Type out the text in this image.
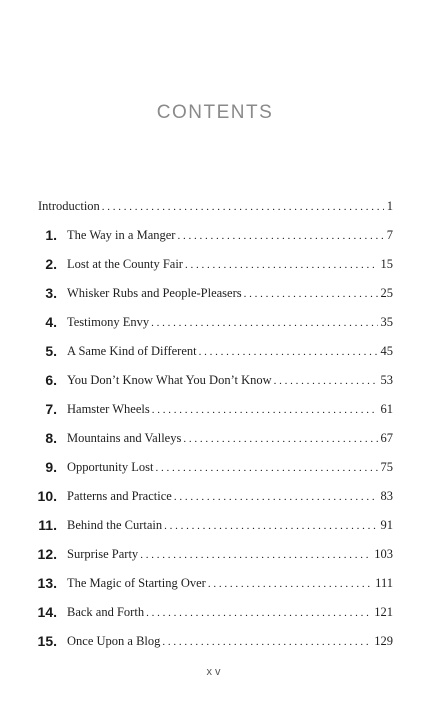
CONTENTS
Introduction . . .	1
1. The Way in a Manger . . .	7
2. Lost at the County Fair . . .	15
3. Whisker Rubs and People-Pleasers . . .	25
4. Testimony Envy . . .	35
5. A Same Kind of Different . . .	45
6. You Don’t Know What You Don’t Know . . .	53
7. Hamster Wheels . . .	61
8. Mountains and Valleys . . .	67
9. Opportunity Lost . . .	75
10. Patterns and Practice . . .	83
11. Behind the Curtain . . .	91
12. Surprise Party . . .	103
13. The Magic of Starting Over . . .	111
14. Back and Forth . . .	121
15. Once Upon a Blog . . .	129
xv
